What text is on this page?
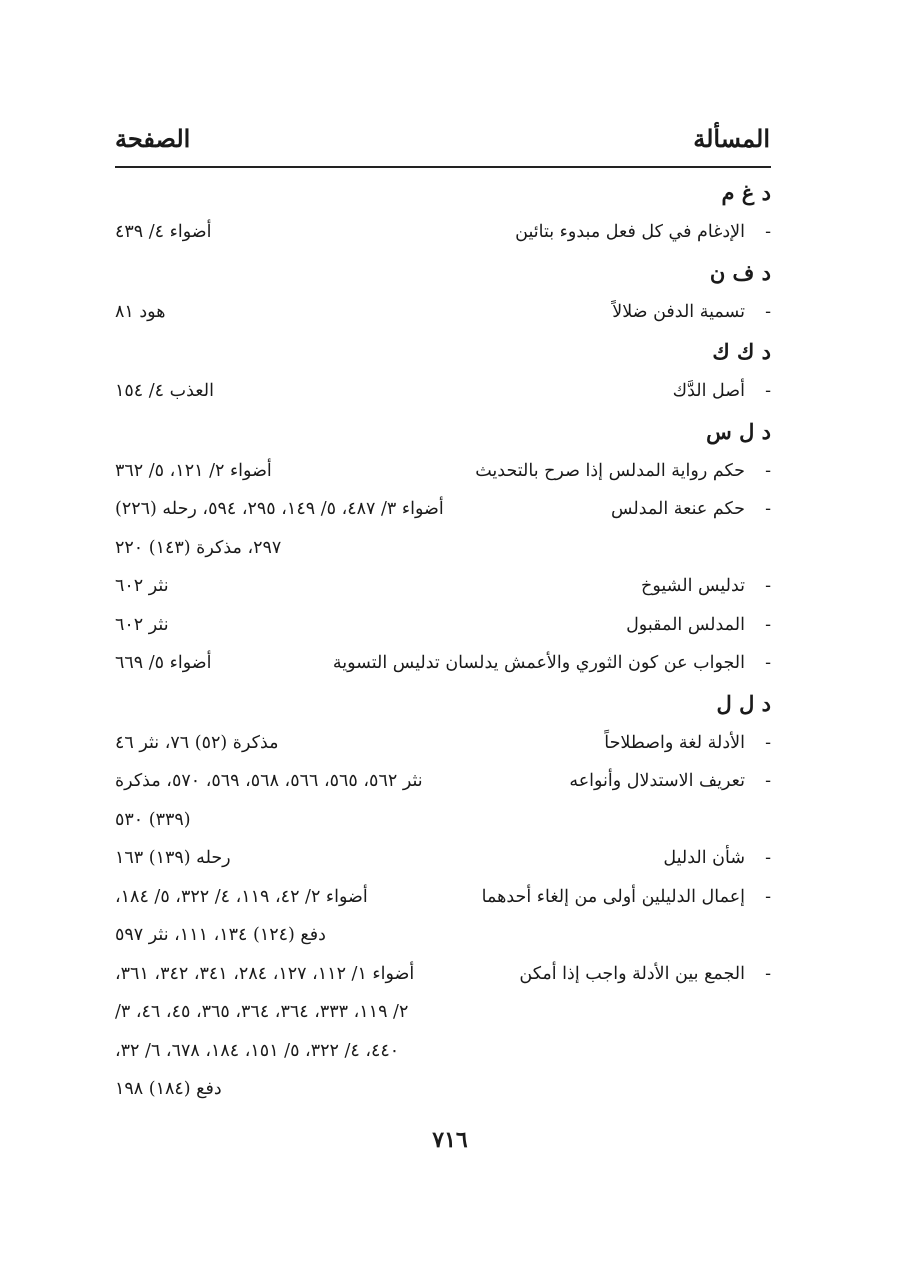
المسألة
الصفحة
د غ م
-
الإدغام في كل فعل مبدوء بتائين
أضواء ٤/ ٤٣٩
د ف ن
-
تسمية الدفن ضلالاً
هود ٨١
د ك ك
-
أصل الدَّك
العذب ٤/ ١٥٤
د ل س
-
حكم رواية المدلس إذا صرح بالتحديث
أضواء ٢/ ١٢١، ٥/ ٣٦٢
-
حكم عنعة المدلس
أضواء ٣/ ٤٨٧، ٥/ ١٤٩، ٢٩٥، ٥٩٤، رحله (٢٢٦)
٢٩٧، مذكرة (١٤٣) ٢٢٠
-
تدليس الشيوخ
نثر ٦٠٢
-
المدلس المقبول
نثر ٦٠٢
-
الجواب عن كون الثوري والأعمش يدلسان تدليس التسوية
أضواء ٥/ ٦٦٩
د ل ل
-
الأدلة لغة واصطلاحاً
مذكرة (٥٢) ٧٦، نثر ٤٦
-
تعريف الاستدلال وأنواعه
نثر ٥٦٢، ٥٦٥، ٥٦٦، ٥٦٨، ٥٦٩، ٥٧٠، مذكرة
(٣٣٩) ٥٣٠
-
شأن الدليل
رحله (١٣٩) ١٦٣
-
إعمال الدليلين أولى من إلغاء أحدهما
أضواء ٢/ ٤٢، ١١٩، ٤/ ٣٢٢، ٥/ ١٨٤،
دفع (١٢٤) ١٣٤، ١١١، نثر ٥٩٧
-
الجمع بين الأدلة واجب إذا أمكن
أضواء ١/ ١١٢، ١٢٧، ٢٨٤، ٣٤١، ٣٤٢، ٣٦١،
٢/ ١١٩، ٣٣٣، ٣٦٤، ٣٦٤، ٣٦٥، ٤٥، ٤٦، ٣/
٤٤٠، ٤/ ٣٢٢، ٥/ ١٥١، ١٨٤، ٦٧٨، ٦/ ٣٢،
دفع (١٨٤) ١٩٨
٧١٦
